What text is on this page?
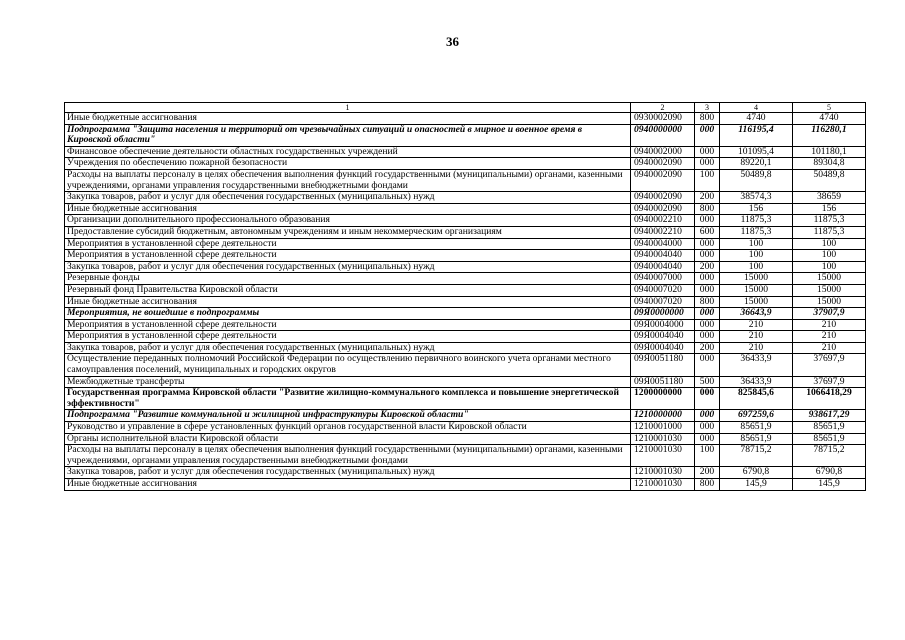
36
1	2	3	4	5
Иные бюджетные ассигнования	0930002090	800	4740	4740
Подпрограмма "Защита населения и территорий от чрезвычайных ситуаций и опасностей в мирное и военное время в Кировской области"	0940000000	000	116195,4	116280,1
Финансовое обеспечение деятельности областных государственных учреждений	0940002000	000	101095,4	101180,1
Учреждения по обеспечению пожарной безопасности	0940002090	000	89220,1	89304,8
Расходы на выплаты персоналу в целях обеспечения выполнения функций государственными (муниципальными) органами, казенными учреждениями, органами управления государственными внебюджетными фондами	0940002090	100	50489,8	50489,8
Закупка товаров, работ и услуг для обеспечения государственных (муниципальных) нужд	0940002090	200	38574,3	38659
Иные бюджетные ассигнования	0940002090	800	156	156
Организации дополнительного профессионального образования	0940002210	000	11875,3	11875,3
Предоставление субсидий бюджетным, автономным учреждениям и иным некоммерческим организациям	0940002210	600	11875,3	11875,3
Мероприятия в установленной сфере деятельности	0940004000	000	100	100
Мероприятия в установленной сфере деятельности	0940004040	000	100	100
Закупка товаров, работ и услуг для обеспечения государственных (муниципальных) нужд	0940004040	200	100	100
Резервные фонды	0940007000	000	15000	15000
Резервный фонд Правительства Кировской области	0940007020	000	15000	15000
Иные бюджетные ассигнования	0940007020	800	15000	15000
Мероприятия, не вошедшие в подпрограммы	09Я0000000	000	36643,9	37907,9
Мероприятия в установленной сфере деятельности	09Я0004000	000	210	210
Мероприятия в установленной сфере деятельности	09Я0004040	000	210	210
Закупка товаров, работ и услуг для обеспечения государственных (муниципальных) нужд	09Я0004040	200	210	210
Осуществление переданных полномочий Российской Федерации по осуществлению первичного воинского учета органами местного самоуправления поселений, муниципальных и городских округов	09Я0051180	000	36433,9	37697,9
Межбюджетные трансферты	09Я0051180	500	36433,9	37697,9
Государственная программа Кировской области "Развитие жилищно-коммунального комплекса и повышение энергетической эффективности"	1200000000	000	825845,6	1066418,29
Подпрограмма "Развитие коммунальной и жилищной инфраструктуры Кировской области"	1210000000	000	697259,6	938617,29
Руководство и управление в сфере установленных функций органов государственной власти Кировской области	1210001000	000	85651,9	85651,9
Органы исполнительной власти Кировской области	1210001030	000	85651,9	85651,9
Расходы на выплаты персоналу в целях обеспечения выполнения функций государственными (муниципальными) органами, казенными учреждениями, органами управления государственными внебюджетными фондами	1210001030	100	78715,2	78715,2
Закупка товаров, работ и услуг для обеспечения государственных (муниципальных) нужд	1210001030	200	6790,8	6790,8
Иные бюджетные ассигнования	1210001030	800	145,9	145,9
